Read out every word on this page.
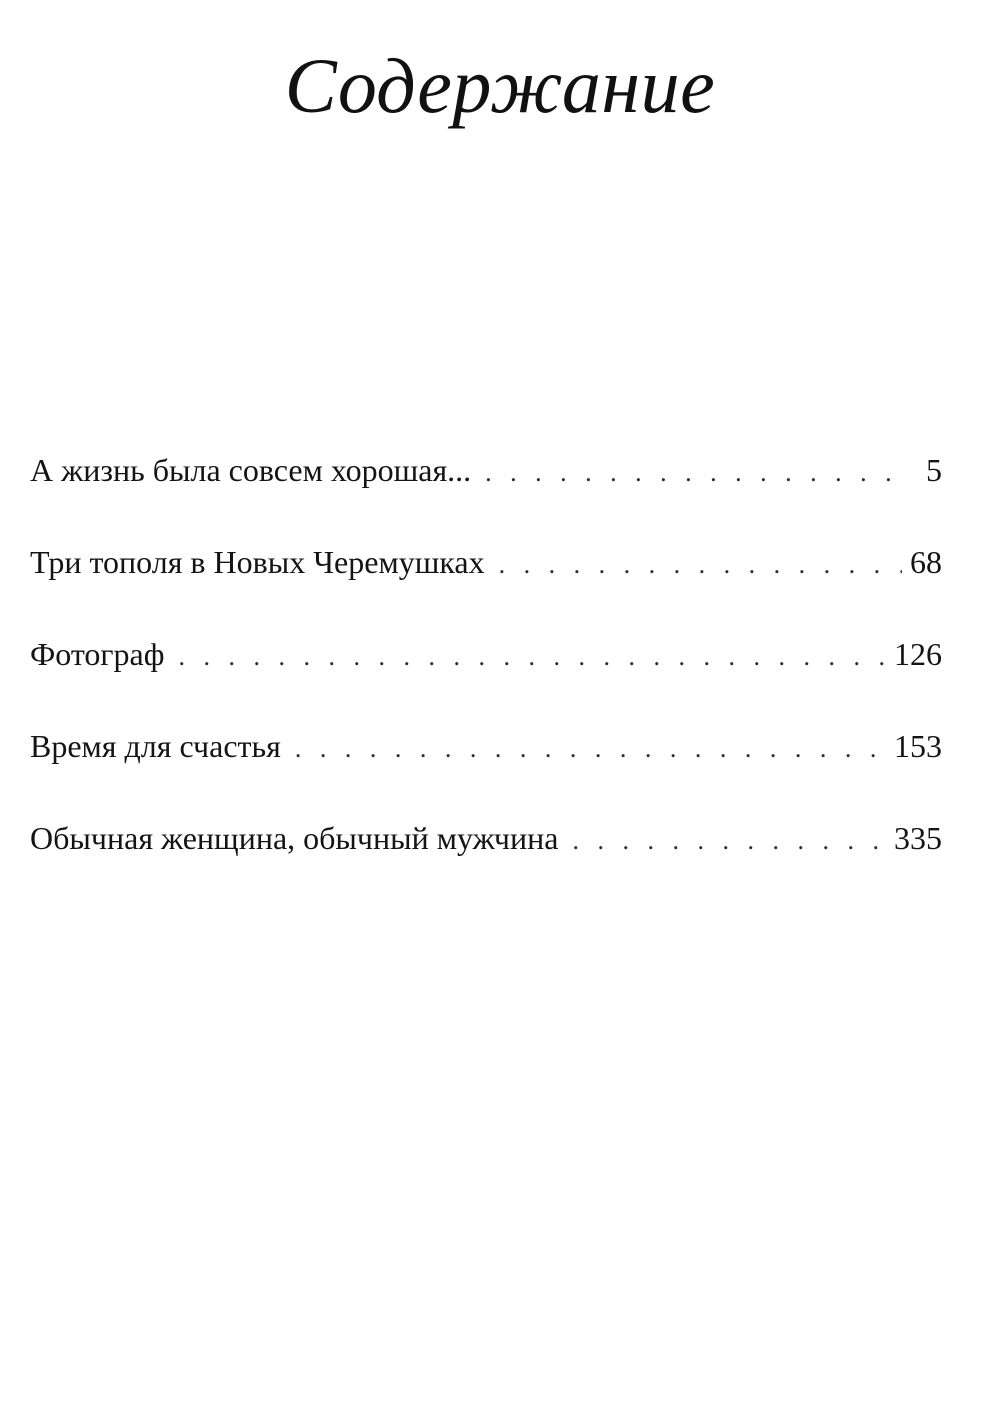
Содержание
А жизнь была совсем хорошая... . . .	5
Три тополя в Новых Черемушках . . .	68
Фотограф . . .	126
Время для счастья . . .	153
Обычная женщина, обычный мужчина . . .	335
